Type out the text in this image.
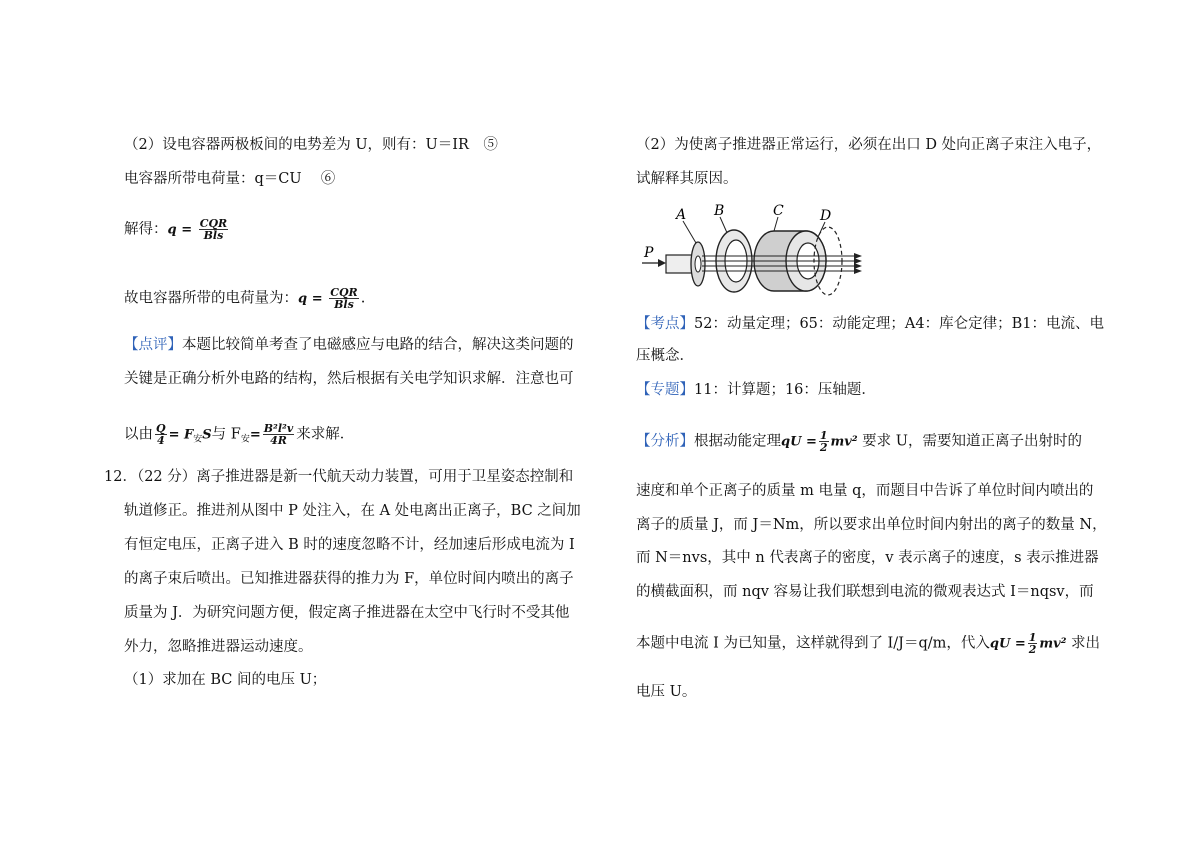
（2）设电容器两极板间的电势差为 U，则有：U＝IR　⑤
电容器所带电荷量：q＝CU　 ⑥
解得：$q = \frac{\text{CQR}}{\text{Bls}}$
故电容器所带的电荷量为：$q = \frac{\text{CQR}}{\text{Bls}}$ .
【点评】本题比较简单考查了电磁感应与电路的结合，解决这类问题的
关键是正确分析外电路的结构，然后根据有关电学知识求解．注意也可
以由 $\frac{Q}{4} = F_安S$与 $F_安= \frac{\text{B²l²v}}{4R}$ 来求解．
12．（22 分）离子推进器是新一代航天动力装置，可用于卫星姿态控制和
轨道修正。推进剂从图中 P 处注入，在 A 处电离出正离子，BC 之间加
有恒定电压，正离子进入 B 时的速度忽略不计，经加速后形成电流为 I
的离子束后喷出。已知推进器获得的推力为 F，单位时间内喷出的离子
质量为 J．为研究问题方便，假定离子推进器在太空中飞行时不受其他
外力，忽略推进器运动速度。
（1）求加在 BC 间的电压 U；
（2）为使离子推进器正常运行，必须在出口 D 处向正离子束注入电子，
试解释其原因。
A B	C	D
P
【考点】52：动量定理；65：动能定理；A4：库仑定律；B1：电流、电
压概念．
【专题】11：计算题；16：压轴题．
【分析】根据动能定理qU = $\frac{1}{2} mv^2$ 要求 U，需要知道正离子出射时的
速度和单个正离子的质量 m 电量 q，而题目中告诉了单位时间内喷出的
离子的质量 J，而 J＝Nm，所以要求出单位时间内射出的离子的数量 N，
而 N＝nvs，其中 n 代表离子的密度，v 表示离子的速度，s 表示推进器
的横截面积，而 nqv 容易让我们联想到电流的微观表达式 I＝nqsv，而
本题中电流 I 为已知量，这样就得到了 I/J＝q/m，代入qU = $\frac{1}{2} mv^2$ 求出
电压 U。
